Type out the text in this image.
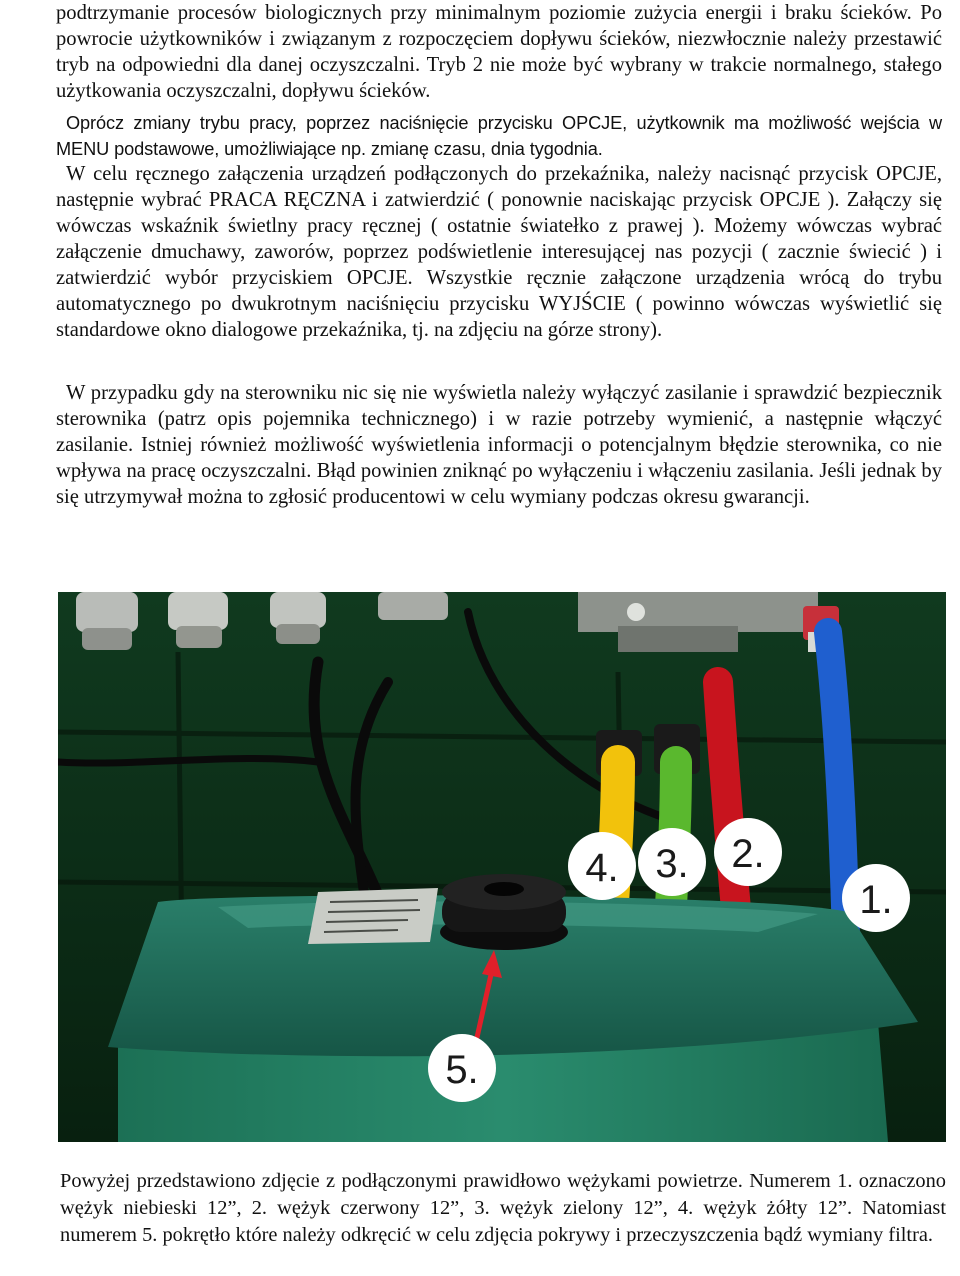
podtrzymanie procesów biologicznych przy minimalnym poziomie zużycia energii i braku ścieków. Po powrocie użytkowników i związanym z rozpoczęciem dopływu ścieków, niezwłocznie należy przestawić tryb na odpowiedni dla danej oczyszczalni. Tryb 2 nie może być wybrany w trakcie normalnego, stałego użytkowania oczyszczalni, dopływu ścieków.

Oprócz zmiany trybu pracy, poprzez naciśnięcie przycisku OPCJE, użytkownik ma możliwość wejścia w MENU podstawowe, umożliwiające np. zmianę czasu, dnia tygodnia.

W celu ręcznego załączenia urządzeń podłączonych do przekaźnika, należy nacisnąć przycisk OPCJE, następnie wybrać PRACA RĘCZNA i zatwierdzić ( ponownie naciskając przycisk OPCJE ). Załączy się wówczas wskaźnik świetlny pracy ręcznej ( ostatnie światełko z prawej ). Możemy wówczas wybrać załączenie dmuchawy, zaworów, poprzez podświetlenie interesującej nas pozycji ( zacznie świecić ) i zatwierdzić wybór przyciskiem OPCJE. Wszystkie ręcznie załączone urządzenia wrócą do trybu automatycznego po dwukrotnym naciśnięciu przycisku WYJŚCIE ( powinno wówczas wyświetlić się standardowe okno dialogowe przekaźnika, tj. na zdjęciu na górze strony).

W przypadku gdy na sterowniku nic się nie wyświetla należy wyłączyć zasilanie i sprawdzić bezpiecznik sterownika (patrz opis pojemnika technicznego) i w razie potrzeby wymienić, a następnie włączyć zasilanie. Istniej również możliwość wyświetlenia informacji o potencjalnym błędzie sterownika, co nie wpływa na pracę oczyszczalni. Błąd powinien zniknąć po wyłączeniu i włączeniu zasilania. Jeśli jednak by się utrzymywał można to zgłosić producentowi w celu wymiany podczas okresu gwarancji.

4. 3. 2.
1.
5.

Powyżej przedstawiono zdjęcie z podłączonymi prawidłowo wężykami powietrze. Numerem 1. oznaczono wężyk niebieski 12”, 2. wężyk czerwony 12”, 3. wężyk zielony 12”, 4. wężyk żółty 12”. Natomiast numerem 5. pokrętło które należy odkręcić w celu zdjęcia pokrywy i przeczyszczenia bądź wymiany filtra.
